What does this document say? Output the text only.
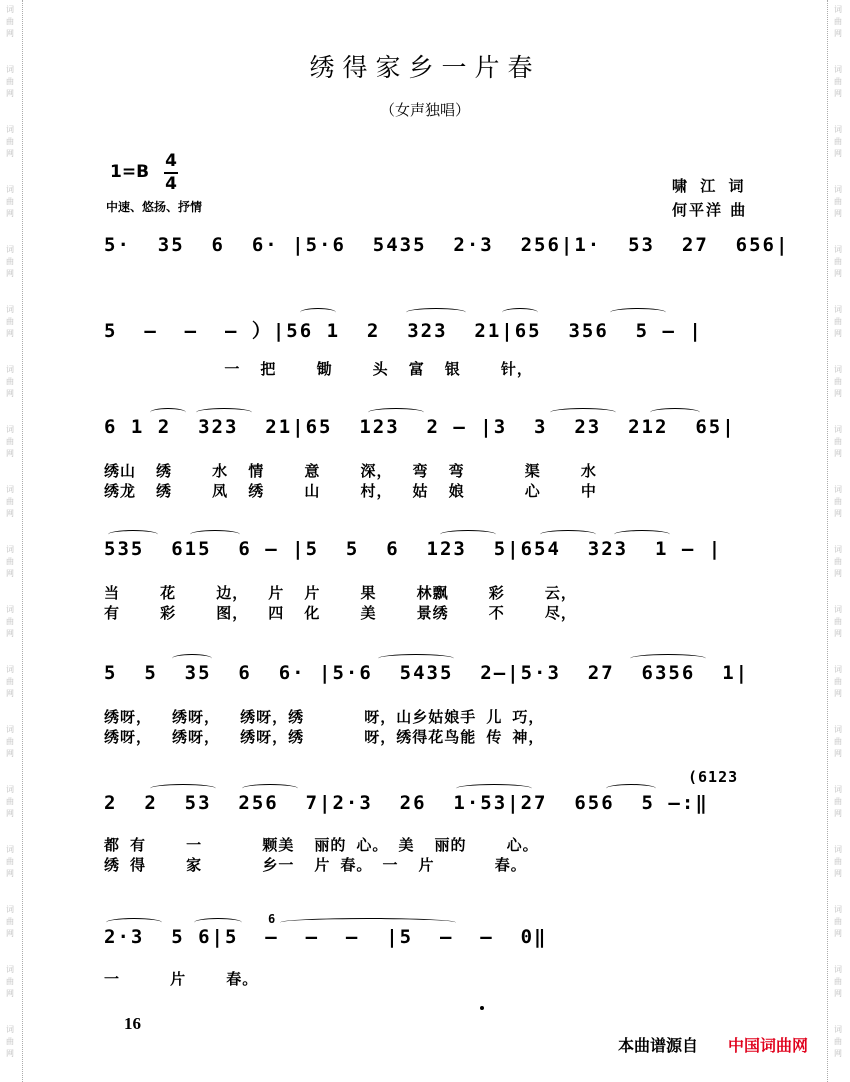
词
曲
网
词
曲
网
词
曲
网
词
曲
网
词
曲
网
词
曲
网
词
曲
网
词
曲
网
词
曲
网
词
曲
网
词
曲
网
词
曲
网
词
曲
网
词
曲
网
词
曲
网
词
曲
网
词
曲
网
词
曲
网
词
曲
网
词
曲
网
词
曲
网
词
曲
网
词
曲
网
词
曲
网
词
曲
网
词
曲
网
词
曲
网
词
曲
网
词
曲
网
词
曲
网
词
曲
网
词
曲
网
词
曲
网
词
曲
网
词
曲
网
词
曲
网
绣得家乡一片春
（女声独唱）
1=B
4
4
中速、悠扬、抒情
啸 江 词
何平洋 曲
5·  35  6  6· |5·6  5435  2·3  256|1·  53  27  656|
5  —  —  — ）|56 1  2  323  21|65  356  5 — |
一  把    锄    头  富  银    针，
6 1 2  323  21|65  123  2 — |3  3  23  212  65|
绣山  绣    水  情    意    深，  弯  弯      渠    水
绣龙  绣    凤  绣    山    村，  姑  娘      心    中
535  615  6 — |5  5  6  123  5|654  323  1 — |
当    花    边，  片  片    果    林飘    彩    云，
有    彩    图，  四  化    美    景绣    不    尽，
5  5  35  6  6· |5·6  5435  2—|5·3  27  6356  1|
绣呀，  绣呀，  绣呀，绣      呀，山乡姑娘手 儿 巧，
绣呀，  绣呀，  绣呀，绣      呀，绣得花鸟能 传 神，
(6123
2  2  53  256  7|2·3  26  1·53|27  656  5 —:‖
都 有    一      颗美  丽的 心。 美  丽的    心。
绣 得    家      乡一  片 春。 一  片      春。
6
2·3  5 6|5  —  —  —  |5  —  —  0‖
一     片    春。
16
本曲谱源自 中国词曲网
